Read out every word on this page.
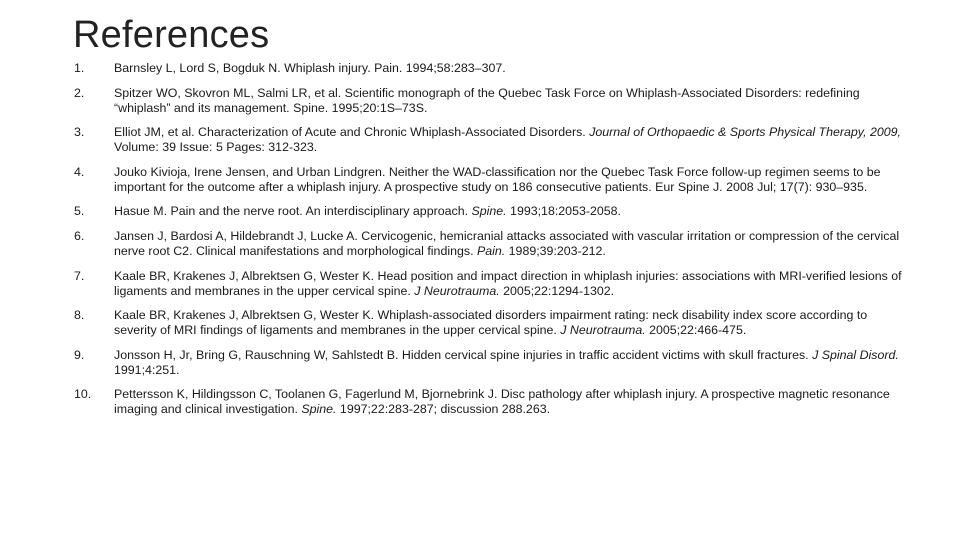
References
1.	Barnsley L, Lord S, Bogduk N. Whiplash injury. Pain. 1994;58:283–307.
2.	Spitzer WO, Skovron ML, Salmi LR, et al. Scientific monograph of the Quebec Task Force on Whiplash-Associated Disorders: redefining “whiplash” and its management. Spine. 1995;20:1S–73S.
3.	Elliot JM, et al. Characterization of Acute and Chronic Whiplash-Associated Disorders. Journal of Orthopaedic & Sports Physical Therapy, 2009, Volume: 39 Issue: 5 Pages: 312-323.
4.	Jouko Kivioja, Irene Jensen, and Urban Lindgren. Neither the WAD-classification nor the Quebec Task Force follow-up regimen seems to be important for the outcome after a whiplash injury. A prospective study on 186 consecutive patients. Eur Spine J. 2008 Jul; 17(7): 930–935.
5.	Hasue M. Pain and the nerve root. An interdisciplinary approach. Spine. 1993;18:2053-2058.
6.	Jansen J, Bardosi A, Hildebrandt J, Lucke A. Cervicogenic, hemicranial attacks associated with vascular irritation or compression of the cervical nerve root C2. Clinical manifestations and morphological findings. Pain. 1989;39:203-212.
7.	Kaale BR, Krakenes J, Albrektsen G, Wester K. Head position and impact direction in whiplash injuries: associations with MRI-verified lesions of ligaments and membranes in the upper cervical spine. J Neurotrauma. 2005;22:1294-1302.
8.	Kaale BR, Krakenes J, Albrektsen G, Wester K. Whiplash-associated disorders impairment rating: neck disability index score according to severity of MRI findings of ligaments and membranes in the upper cervical spine. J Neurotrauma. 2005;22:466-475.
9.	Jonsson H, Jr, Bring G, Rauschning W, Sahlstedt B. Hidden cervical spine injuries in traffic accident victims with skull fractures. J Spinal Disord. 1991;4:251.
10.	Pettersson K, Hildingsson C, Toolanen G, Fagerlund M, Bjornebrink J. Disc pathology after whiplash injury. A prospective magnetic resonance imaging and clinical investigation. Spine. 1997;22:283-287; discussion 288.263.
